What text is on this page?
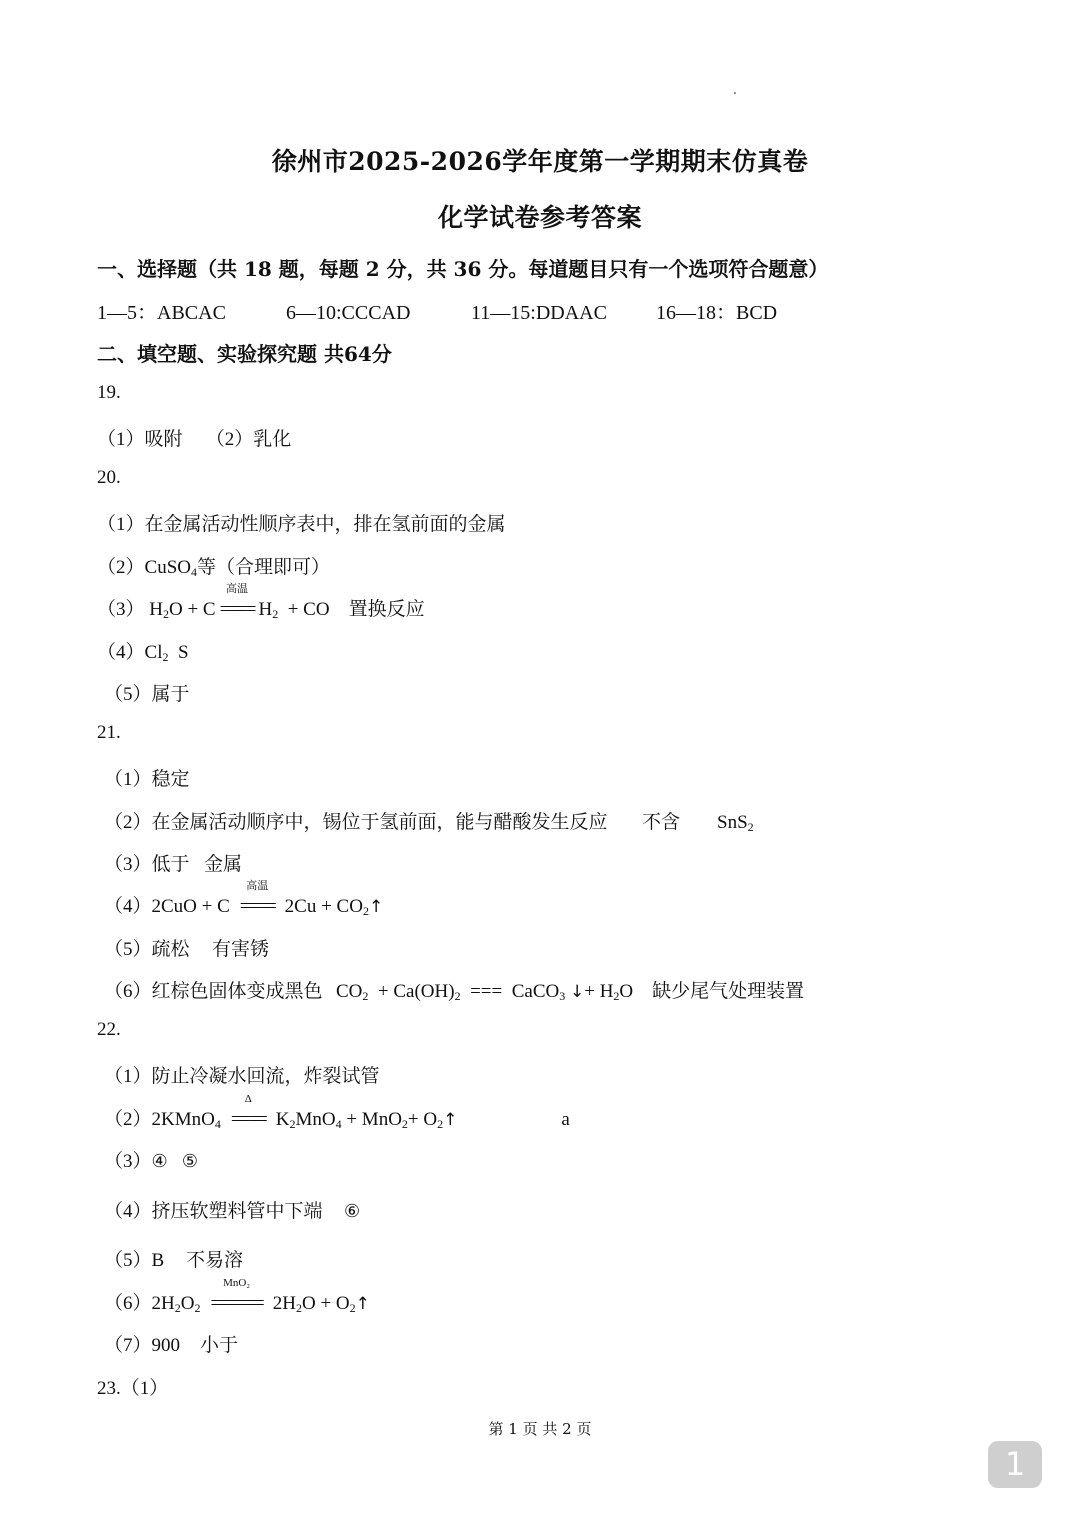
徐州市2025-2026学年度第一学期期末仿真卷
化学试卷参考答案
一、选择题（共 18 题，每题 2 分，共 36 分。每道题目只有一个选项符合题意）
1—5：ABCAC	6—10:CCCAD	11—15:DDAAC 16—18：BCD
二、填空题、实验探究题 共64分
19.
（1）吸附 （2）乳化
20.
（1）在金属活动性顺序表中，排在氢前面的金属
（2）CuSO$_4$等（合理即可）
（3） $H_2O + C$
高温
==== $H_2$ + CO 置换反应
$(4)Cl_2$ S
（5）属于
21.
（1）稳定
（2）在金属活动顺序中，锡位于氢前面，能与醋酸发生反应 不含 SnS$_2$
（3）低于 金属
（4）2CuO + C
高温
==== $2Cu + CO_2↑$
（5）疏松 有害锈
（6）红棕色固体变成黑色 $CO_2 + Ca(OH)_2$ === CaCO$_3$ ↓+ $H_2O$ 缺少尾气处理装置
22.
（1）防止冷凝水回流，炸裂试管
（2）2KMnO$_4$
Δ
==== $K_2MnO_4 + MnO_2+$ $O_2↑$	a
（3）④ ⑤
（4）挤压软塑料管中下端 ⑥
（5）B 不易溶
$(6)2H_2O_2$
MnO₂
====== $2H_2O$ + $O_2↑$
（7）900 小于
23.（1）
第 1 页 共 2 页
1
